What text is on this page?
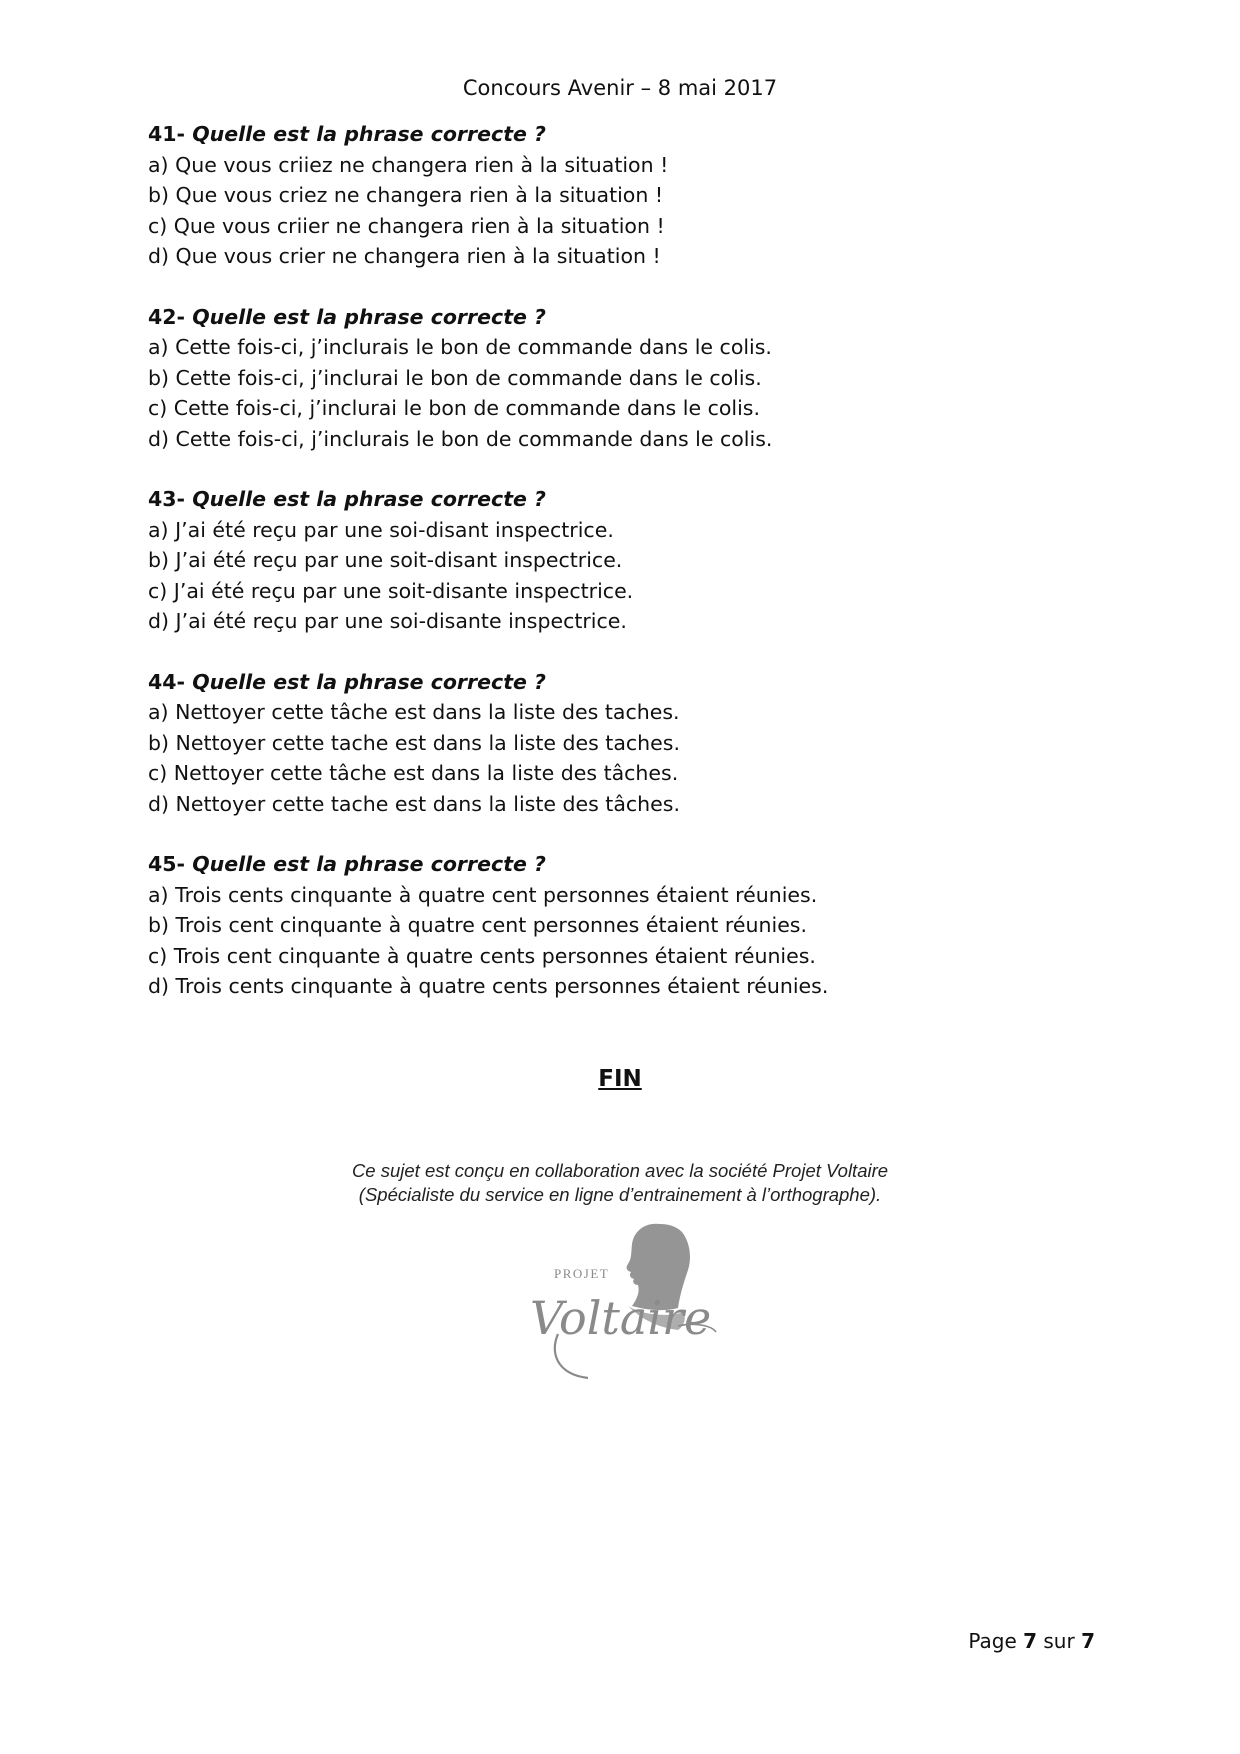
Concours Avenir – 8 mai 2017

41- Quelle est la phrase correcte ?

a) Que vous criiez ne changera rien à la situation !
b) Que vous criez ne changera rien à la situation !
c) Que vous criier ne changera rien à la situation !
d) Que vous crier ne changera rien à la situation !

42- Quelle est la phrase correcte ?

a) Cette fois-ci, j’inclurais le bon de commande dans le colis.
b) Cette fois-ci, j’inclurai le bon de commande dans le colis.
c) Cette fois-ci, j’inclurai le bon de commande dans le colis.
d) Cette fois-ci, j’inclurais le bon de commande dans le colis.

43- Quelle est la phrase correcte ?

a) J’ai été reçu par une soi-disant inspectrice.
b) J’ai été reçu par une soit-disant inspectrice.
c) J’ai été reçu par une soit-disante inspectrice.
d) J’ai été reçu par une soi-disante inspectrice.

44- Quelle est la phrase correcte ?

a) Nettoyer cette tâche est dans la liste des taches.
b) Nettoyer cette tache est dans la liste des taches.
c) Nettoyer cette tâche est dans la liste des tâches.
d) Nettoyer cette tache est dans la liste des tâches.

45- Quelle est la phrase correcte ?

a) Trois cents cinquante à quatre cent personnes étaient réunies.
b) Trois cent cinquante à quatre cent personnes étaient réunies.
c) Trois cent cinquante à quatre cents personnes étaient réunies.
d) Trois cents cinquante à quatre cents personnes étaient réunies.
FIN
Ce sujet est conçu en collaboration avec la société Projet Voltaire
(Spécialiste du service en ligne d’entrainement à l’orthographe).
PROJET
Voltaire
Page 7 sur 7
